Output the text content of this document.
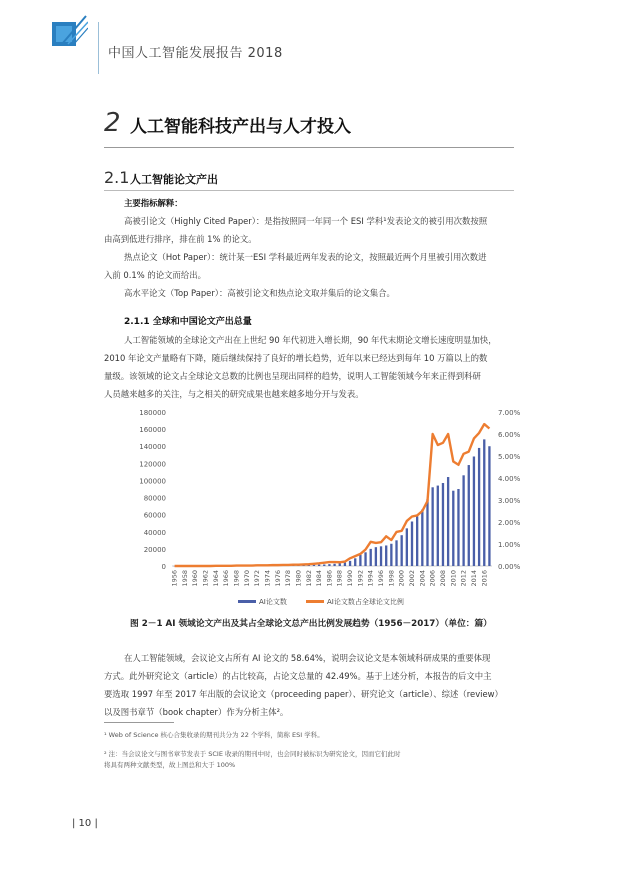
中国人工智能发展报告 2018
2 人工智能科技产出与人才投入
2.1 人工智能论文产出
主要指标解释：
高被引论文（Highly Cited Paper）：是指按照同一年同一个 ESI 学科¹发表论文的被引用次数按照
由高到低进行排序，排在前 1% 的论文。
热点论文（Hot Paper）：统计某一ESI 学科最近两年发表的论文，按照最近两个月里被引用次数进
入前 0.1% 的论文而给出。
高水平论文（Top Paper）：高被引论文和热点论文取并集后的论文集合。
2.1.1 全球和中国论文产出总量
人工智能领域的全球论文产出在上世纪 90 年代初进入增长期，90 年代末期论文增长速度明显加快，
2010 年论文产量略有下降，随后继续保持了良好的增长趋势，近年以来已经达到每年 10 万篇以上的数
量级。该领域的论文占全球论文总数的比例也呈现出同样的趋势，说明人工智能领域今年来正得到科研
人员越来越多的关注，与之相关的研究成果也越来越多地分开与发表。
0
20000
40000
60000
80000
100000
120000
140000
160000
180000
0.00%
1.00%
2.00%
3.00%
4.00%
5.00%
6.00%
7.00%
1956 1958 1960 1962 1964 1966 1968 1970 1972 1974 1976 1978 1980 1982 1984 1986 1988 1990 1992 1994 1996 1998 2000 2002 2004 2006 2008 2010 2012 2014 2016
AI论文数	AI论文数占全球论文比例
图 2－1 AI 领域论文产出及其占全球论文总产出比例发展趋势（1956－2017）（单位：篇）
在人工智能领域，会议论文占所有 AI 论文的 58.64%，说明会议论文是本领域科研成果的重要体现
方式。此外研究论文（article）的占比较高，占论文总量的 42.49%。基于上述分析，本报告的后文中主
要选取 1997 年至 2017 年出版的会议论文（proceeding paper）、研究论文（article）、综述（review）
以及图书章节（book chapter）作为分析主体²。
¹ Web of Science 核心合集收录的期刊共分为 22 个学科，简称 ESI 学科。
² 注：当会议论文与图书章节发表于 SCIE 收录的期刊中时，也会同时被标识为研究论文，因而它们此时
将具有两种文献类型，故上图总和大于 100%
| 10 |
